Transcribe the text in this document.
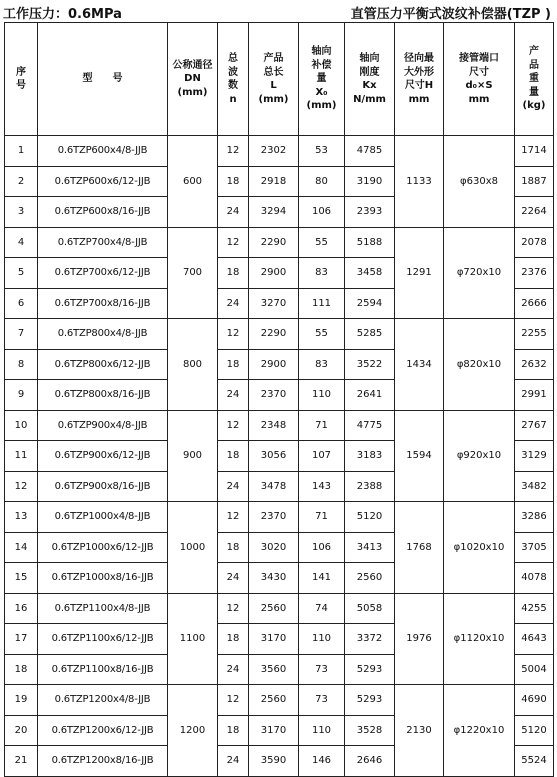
工作压力：0.6MPa	直管压力平衡式波纹补偿器(TZP )
序
号	型　　号	公称通径
DN
(mm)	总
波
数
n	产品
总长
L
(mm)	轴向
补偿
量
X₀
(mm)	轴向
刚度
Kx
N/mm	径向最
大外形
尺寸H
mm	接管端口
尺寸
d₀×S
mm	产
品
重
量
(kg)

1	0.6TZP600x4/8-JJB	600	12	2302	53	4785	1133	φ630x8	1714
2	0.6TZP600x6/12-JJB		18	2918	80	3190			1887
3	0.6TZP600x8/16-JJB		24	3294	106	2393			2264
4	0.6TZP700x4/8-JJB	700	12	2290	55	5188	1291	φ720x10	2078
5	0.6TZP700x6/12-JJB		18	2900	83	3458			2376
6	0.6TZP700x8/16-JJB		24	3270	111	2594			2666
7	0.6TZP800x4/8-JJB	800	12	2290	55	5285	1434	φ820x10	2255
8	0.6TZP800x6/12-JJB		18	2900	83	3522			2632
9	0.6TZP800x8/16-JJB		24	2370	110	2641			2991
10	0.6TZP900x4/8-JJB	900	12	2348	71	4775	1594	φ920x10	2767
11	0.6TZP900x6/12-JJB		18	3056	107	3183			3129
12	0.6TZP900x8/16-JJB		24	3478	143	2388			3482
13	0.6TZP1000x4/8-JJB	1000	12	2370	71	5120	1768	φ1020x10	3286
14	0.6TZP1000x6/12-JJB		18	3020	106	3413			3705
15	0.6TZP1000x8/16-JJB		24	3430	141	2560			4078
16	0.6TZP1100x4/8-JJB	1100	12	2560	74	5058	1976	φ1120x10	4255
17	0.6TZP1100x6/12-JJB		18	3170	110	3372			4643
18	0.6TZP1100x8/16-JJB		24	3560	73	5293			5004
19	0.6TZP1200x4/8-JJB	1200	12	2560	73	5293	2130	φ1220x10	4690
20	0.6TZP1200x6/12-JJB		18	3170	110	3528			5120
21	0.6TZP1200x8/16-JJB		24	3590	146	2646			5524
